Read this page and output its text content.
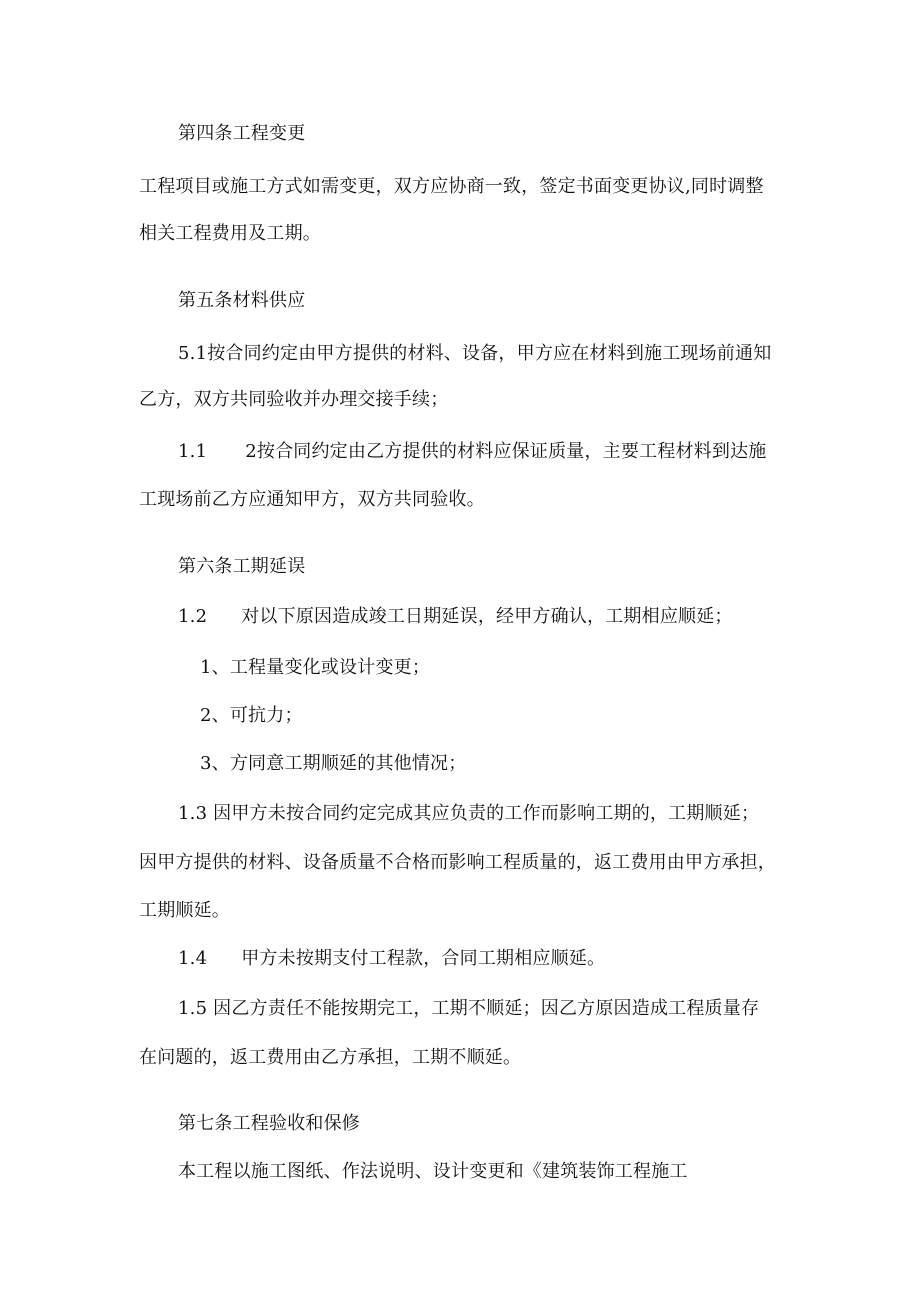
第四条工程变更
工程项目或施工方式如需变更，双方应协商一致，签定书面变更协议,同时调整
相关工程费用及工期。
第五条材料供应
5.1按合同约定由甲方提供的材料、设备，甲方应在材料到施工现场前通知
乙方，双方共同验收并办理交接手续；
1.1 2按合同约定由乙方提供的材料应保证质量，主要工程材料到达施
工现场前乙方应通知甲方，双方共同验收。
第六条工期延误
1.2 对以下原因造成竣工日期延误，经甲方确认，工期相应顺延；
1、工程量变化或设计变更；
2、可抗力；
3、方同意工期顺延的其他情况；
1.3 因甲方未按合同约定完成其应负责的工作而影响工期的，工期顺延；
因甲方提供的材料、设备质量不合格而影响工程质量的，返工费用由甲方承担，
工期顺延。
1.4 甲方未按期支付工程款，合同工期相应顺延。
1.5 因乙方责任不能按期完工，工期不顺延；因乙方原因造成工程质量存
在问题的，返工费用由乙方承担，工期不顺延。
第七条工程验收和保修
本工程以施工图纸、作法说明、设计变更和《建筑装饰工程施工
